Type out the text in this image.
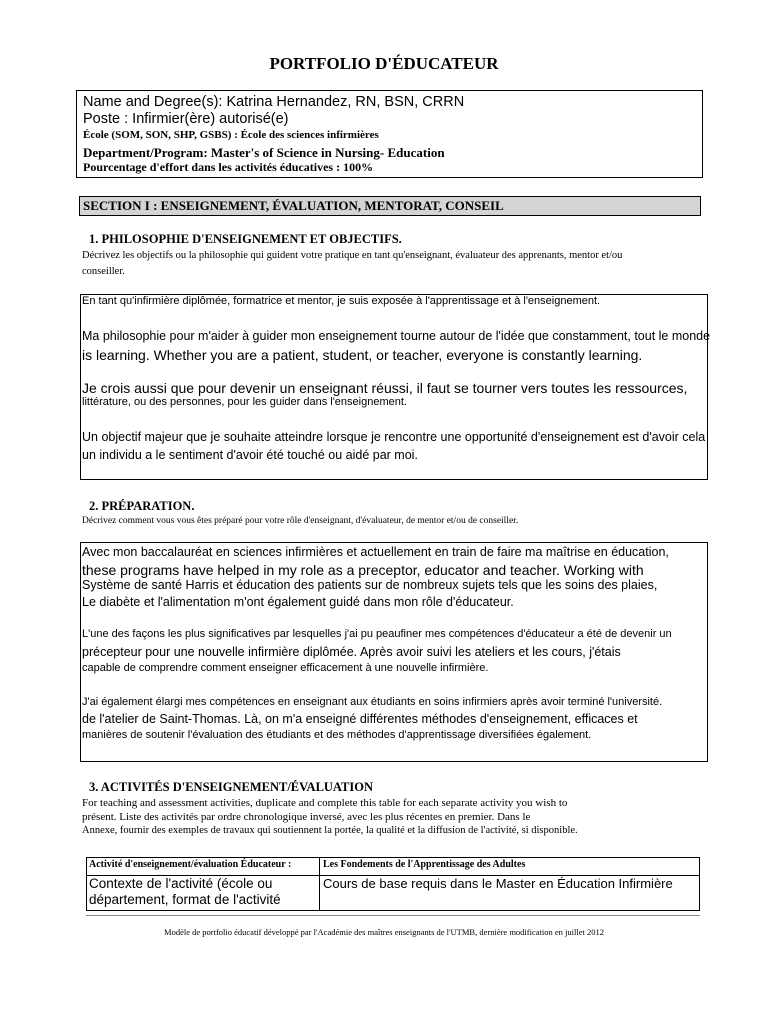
PORTFOLIO D'ÉDUCATEUR
Name and Degree(s): Katrina Hernandez, RN, BSN, CRRN
Poste : Infirmier(ère) autorisé(e)
École (SOM, SON, SHP, GSBS) : École des sciences infirmières
Department/Program: Master's of Science in Nursing- Education
Pourcentage d'effort dans les activités éducatives : 100%
SECTION I : ENSEIGNEMENT, ÉVALUATION, MENTORAT, CONSEIL
1. PHILOSOPHIE D'ENSEIGNEMENT ET OBJECTIFS.
Décrivez les objectifs ou la philosophie qui guident votre pratique en tant qu'enseignant, évaluateur des apprenants, mentor et/ou
conseiller.
En tant qu'infirmière diplômée, formatrice et mentor, je suis exposée à l'apprentissage et à l'enseignement.
Ma philosophie pour m'aider à guider mon enseignement tourne autour de l'idée que constamment, tout le monde
is learning. Whether you are a patient, student, or teacher, everyone is constantly learning.
Je crois aussi que pour devenir un enseignant réussi, il faut se tourner vers toutes les ressources,
littérature, ou des personnes, pour les guider dans l'enseignement.
Un objectif majeur que je souhaite atteindre lorsque je rencontre une opportunité d'enseignement est d'avoir cela
un individu a le sentiment d'avoir été touché ou aidé par moi.
2. PRÉPARATION.
Décrivez comment vous vous êtes préparé pour votre rôle d'enseignant, d'évaluateur, de mentor et/ou de conseiller.
Avec mon baccalauréat en sciences infirmières et actuellement en train de faire ma maîtrise en éducation,
these programs have helped in my role as a preceptor, educator and teacher. Working with
Système de santé Harris et éducation des patients sur de nombreux sujets tels que les soins des plaies,
Le diabète et l'alimentation m'ont également guidé dans mon rôle d'éducateur.
L'une des façons les plus significatives par lesquelles j'ai pu peaufiner mes compétences d'éducateur a été de devenir un
précepteur pour une nouvelle infirmière diplômée. Après avoir suivi les ateliers et les cours, j'étais
capable de comprendre comment enseigner efficacement à une nouvelle infirmière.
J'ai également élargi mes compétences en enseignant aux étudiants en soins infirmiers après avoir terminé l'université.
de l'atelier de Saint-Thomas. Là, on m'a enseigné différentes méthodes d'enseignement, efficaces et
manières de soutenir l'évaluation des étudiants et des méthodes d'apprentissage diversifiées également.
3. ACTIVITÉS D'ENSEIGNEMENT/ÉVALUATION
For teaching and assessment activities, duplicate and complete this table for each separate activity you wish to
présent. Liste des activités par ordre chronologique inversé, avec les plus récentes en premier. Dans le
Annexe, fournir des exemples de travaux qui soutiennent la portée, la qualité et la diffusion de l'activité, si disponible.
Activité d'enseignement/évaluation Éducateur :	Les Fondements de l'Apprentissage des Adultes
Contexte de l'activité (école ou
département, format de l'activité
Cours de base requis dans le Master en Éducation Infirmière
Modèle de portfolio éducatif développé par l'Académie des maîtres enseignants de l'UTMB, dernière modification en juillet 2012
